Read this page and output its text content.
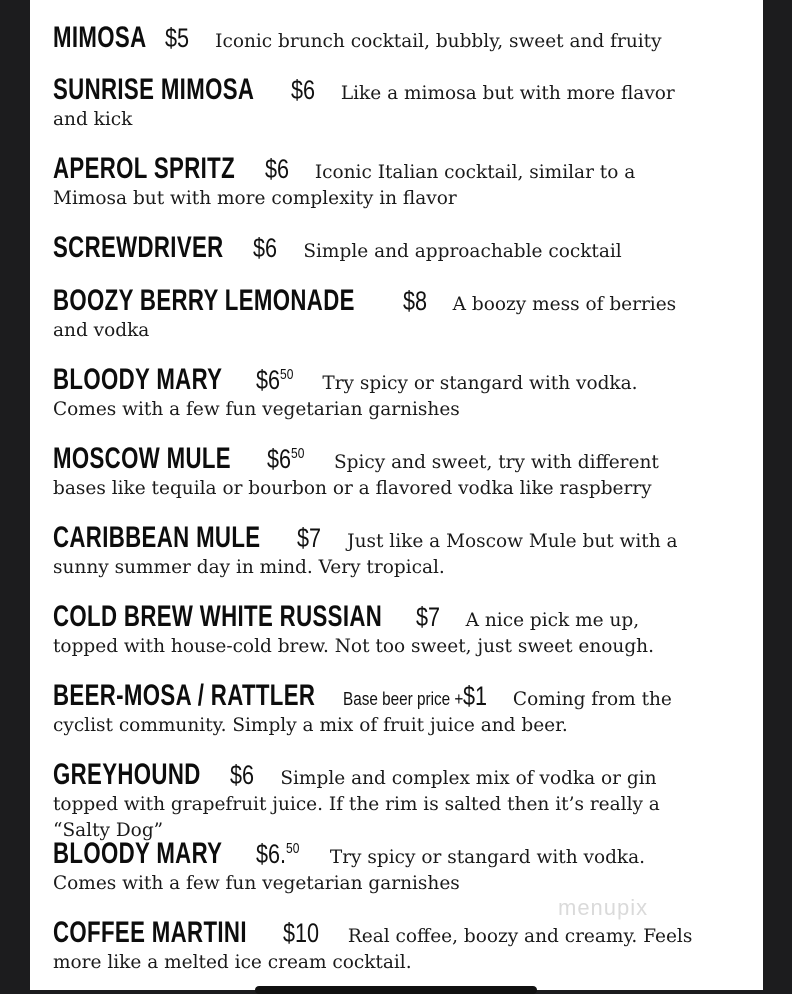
MIMOSA $5 Iconic brunch cocktail, bubbly, sweet and fruity
SUNRISE MIMOSA $6 Like a mimosa but with more flavor and kick
APEROL SPRITZ $6 Iconic Italian cocktail, similar to a Mimosa but with more complexity in flavor
SCREWDRIVER $6 Simple and approachable cocktail
BOOZY BERRY LEMONADE $8 A boozy mess of berries and vodka
BLOODY MARY $\$6^{50}$ Try spicy or stangard with vodka. Comes with a few fun vegetarian garnishes
MOSCOW MULE $\$6^{50}$ Spicy and sweet, try with different bases like tequila or bourbon or a flavored vodka like raspberry
CARIBBEAN MULE $7 Just like a Moscow Mule but with a sunny summer day in mind. Very tropical.
COLD BREW WHITE RUSSIAN $7 A nice pick me up, topped with house-cold brew. Not too sweet, just sweet enough.
BEER-MOSA / RATTLER Base beer price +$1 Coming from the cyclist community. Simply a mix of fruit juice and beer.
GREYHOUND $6 Simple and complex mix of vodka or gin topped with grapefruit juice. If the rim is salted then it’s really a “Salty Dog”
BLOODY MARY $6.50 Try spicy or stangard with vodka. Comes with a few fun vegetarian garnishes
COFFEE MARTINI $10 Real coffee, boozy and creamy. Feels more like a melted ice cream cocktail.
menupix
